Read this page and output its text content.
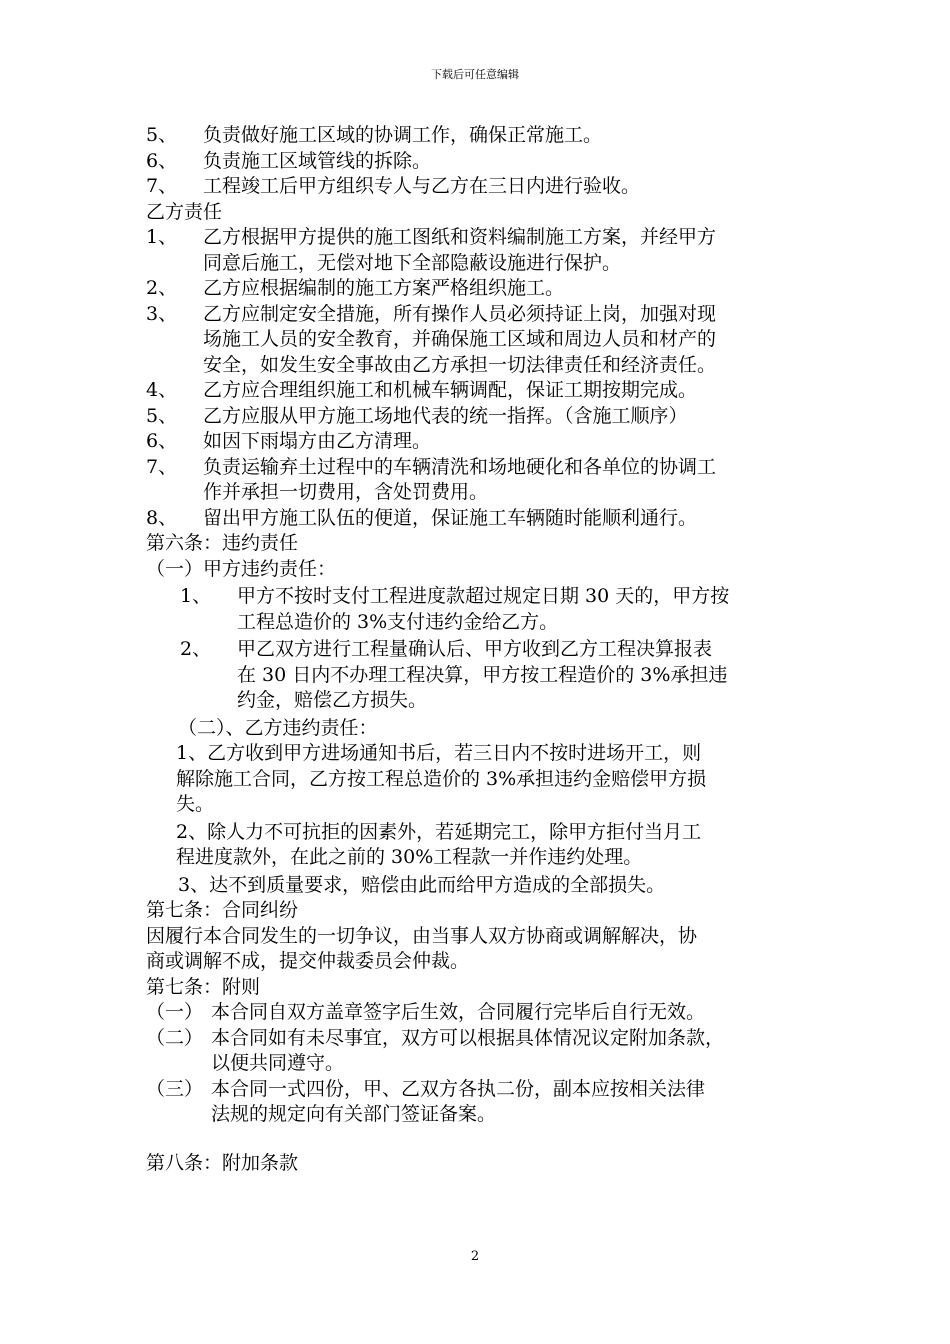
下载后可任意编辑
5、 负责做好施工区域的协调工作，确保正常施工。
6、 负责施工区域管线的拆除。
7、 工程竣工后甲方组织专人与乙方在三日内进行验收。
乙方责任
1、 乙方根据甲方提供的施工图纸和资料编制施工方案，并经甲方
同意后施工，无偿对地下全部隐蔽设施进行保护。
2、 乙方应根据编制的施工方案严格组织施工。
3、 乙方应制定安全措施，所有操作人员必须持证上岗，加强对现
场施工人员的安全教育，并确保施工区域和周边人员和材产的
安全，如发生安全事故由乙方承担一切法律责任和经济责任。
4、 乙方应合理组织施工和机械车辆调配，保证工期按期完成。
5、 乙方应服从甲方施工场地代表的统一指挥。（含施工顺序）
6、 如因下雨塌方由乙方清理。
7、 负责运输弃土过程中的车辆清洗和场地硬化和各单位的协调工
作并承担一切费用，含处罚费用。
8、 留出甲方施工队伍的便道，保证施工车辆随时能顺利通行。
第六条：违约责任
（一）甲方违约责任：
1、 甲方不按时支付工程进度款超过规定日期 30 天的，甲方按
工程总造价的 3%支付违约金给乙方。
2、 甲乙双方进行工程量确认后、甲方收到乙方工程决算报表
在 30 日内不办理工程决算，甲方按工程造价的 3%承担违
约金，赔偿乙方损失。
（二）、乙方违约责任：
1、乙方收到甲方进场通知书后，若三日内不按时进场开工，则
解除施工合同，乙方按工程总造价的 3%承担违约金赔偿甲方损
失。
2、除人力不可抗拒的因素外，若延期完工，除甲方拒付当月工
程进度款外，在此之前的 30%工程款一并作违约处理。
3、达不到质量要求，赔偿由此而给甲方造成的全部损失。
第七条：合同纠纷
因履行本合同发生的一切争议，由当事人双方协商或调解解决，协
商或调解不成，提交仲裁委员会仲裁。
第七条：附则
（一） 本合同自双方盖章签字后生效，合同履行完毕后自行无效。
（二） 本合同如有未尽事宜，双方可以根据具体情况议定附加条款，
以便共同遵守。
（三） 本合同一式四份，甲、乙双方各执二份，副本应按相关法律
法规的规定向有关部门签证备案。
第八条：附加条款
2
